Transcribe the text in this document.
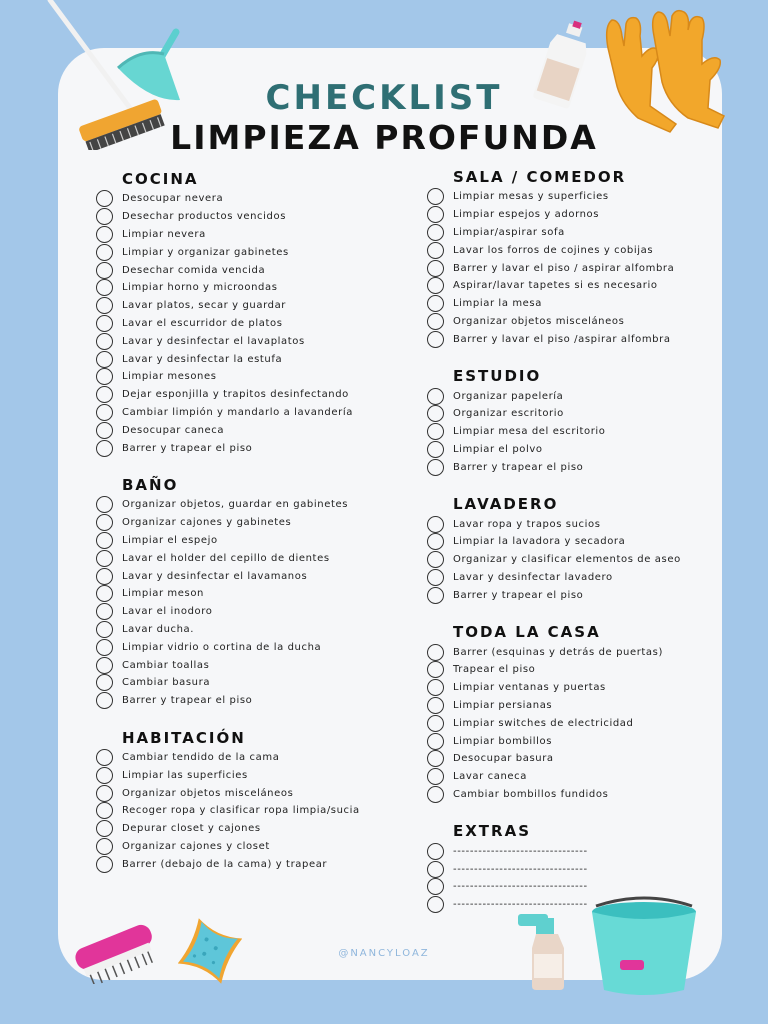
CHECKLIST
LIMPIEZA PROFUNDA
COCINA
Desocupar nevera
Desechar productos vencidos
Limpiar nevera
Limpiar y organizar gabinetes
Desechar comida vencida
Limpiar horno y microondas
Lavar platos, secar y guardar
Lavar el escurridor de platos
Lavar y desinfectar el lavaplatos
Lavar y desinfectar la estufa
Limpiar mesones
Dejar esponjilla y trapitos desinfectando
Cambiar limpión y mandarlo a lavandería
Desocupar caneca
Barrer y trapear el piso
BAÑO
Organizar objetos, guardar en gabinetes
Organizar cajones y gabinetes
Limpiar el espejo
Lavar el holder del cepillo de dientes
Lavar y desinfectar el lavamanos
Limpiar meson
Lavar el inodoro
Lavar ducha.
Limpiar vidrio o cortina de la ducha
Cambiar toallas
Cambiar basura
Barrer y trapear el piso
HABITACIÓN
Cambiar tendido de la cama
Limpiar las superficies
Organizar objetos misceláneos
Recoger ropa y clasificar ropa limpia/sucia
Depurar closet y cajones
Organizar cajones y closet
Barrer (debajo de la cama) y trapear
SALA / COMEDOR
Limpiar mesas y superficies
Limpiar espejos y adornos
Limpiar/aspirar sofa
Lavar los forros de cojines y cobijas
Barrer y lavar el piso / aspirar alfombra
Aspirar/lavar tapetes si es necesario
Limpiar la mesa
Organizar objetos misceláneos
Barrer y lavar el piso /aspirar alfombra
ESTUDIO
Organizar papelería
Organizar escritorio
Limpiar mesa del escritorio
Limpiar el polvo
Barrer y trapear el piso
LAVADERO
Lavar ropa y trapos sucios
Limpiar la lavadora y secadora
Organizar y clasificar elementos de aseo
Lavar y desinfectar lavadero
Barrer y trapear el piso
TODA LA CASA
Barrer (esquinas y detrás de puertas)
Trapear el piso
Limpiar ventanas y puertas
Limpiar persianas
Limpiar switches de electricidad
Limpiar bombillos
Desocupar basura
Lavar caneca
Cambiar bombillos fundidos
EXTRAS
--------------------------------
--------------------------------
--------------------------------
--------------------------------
@NANCYLOAZ
